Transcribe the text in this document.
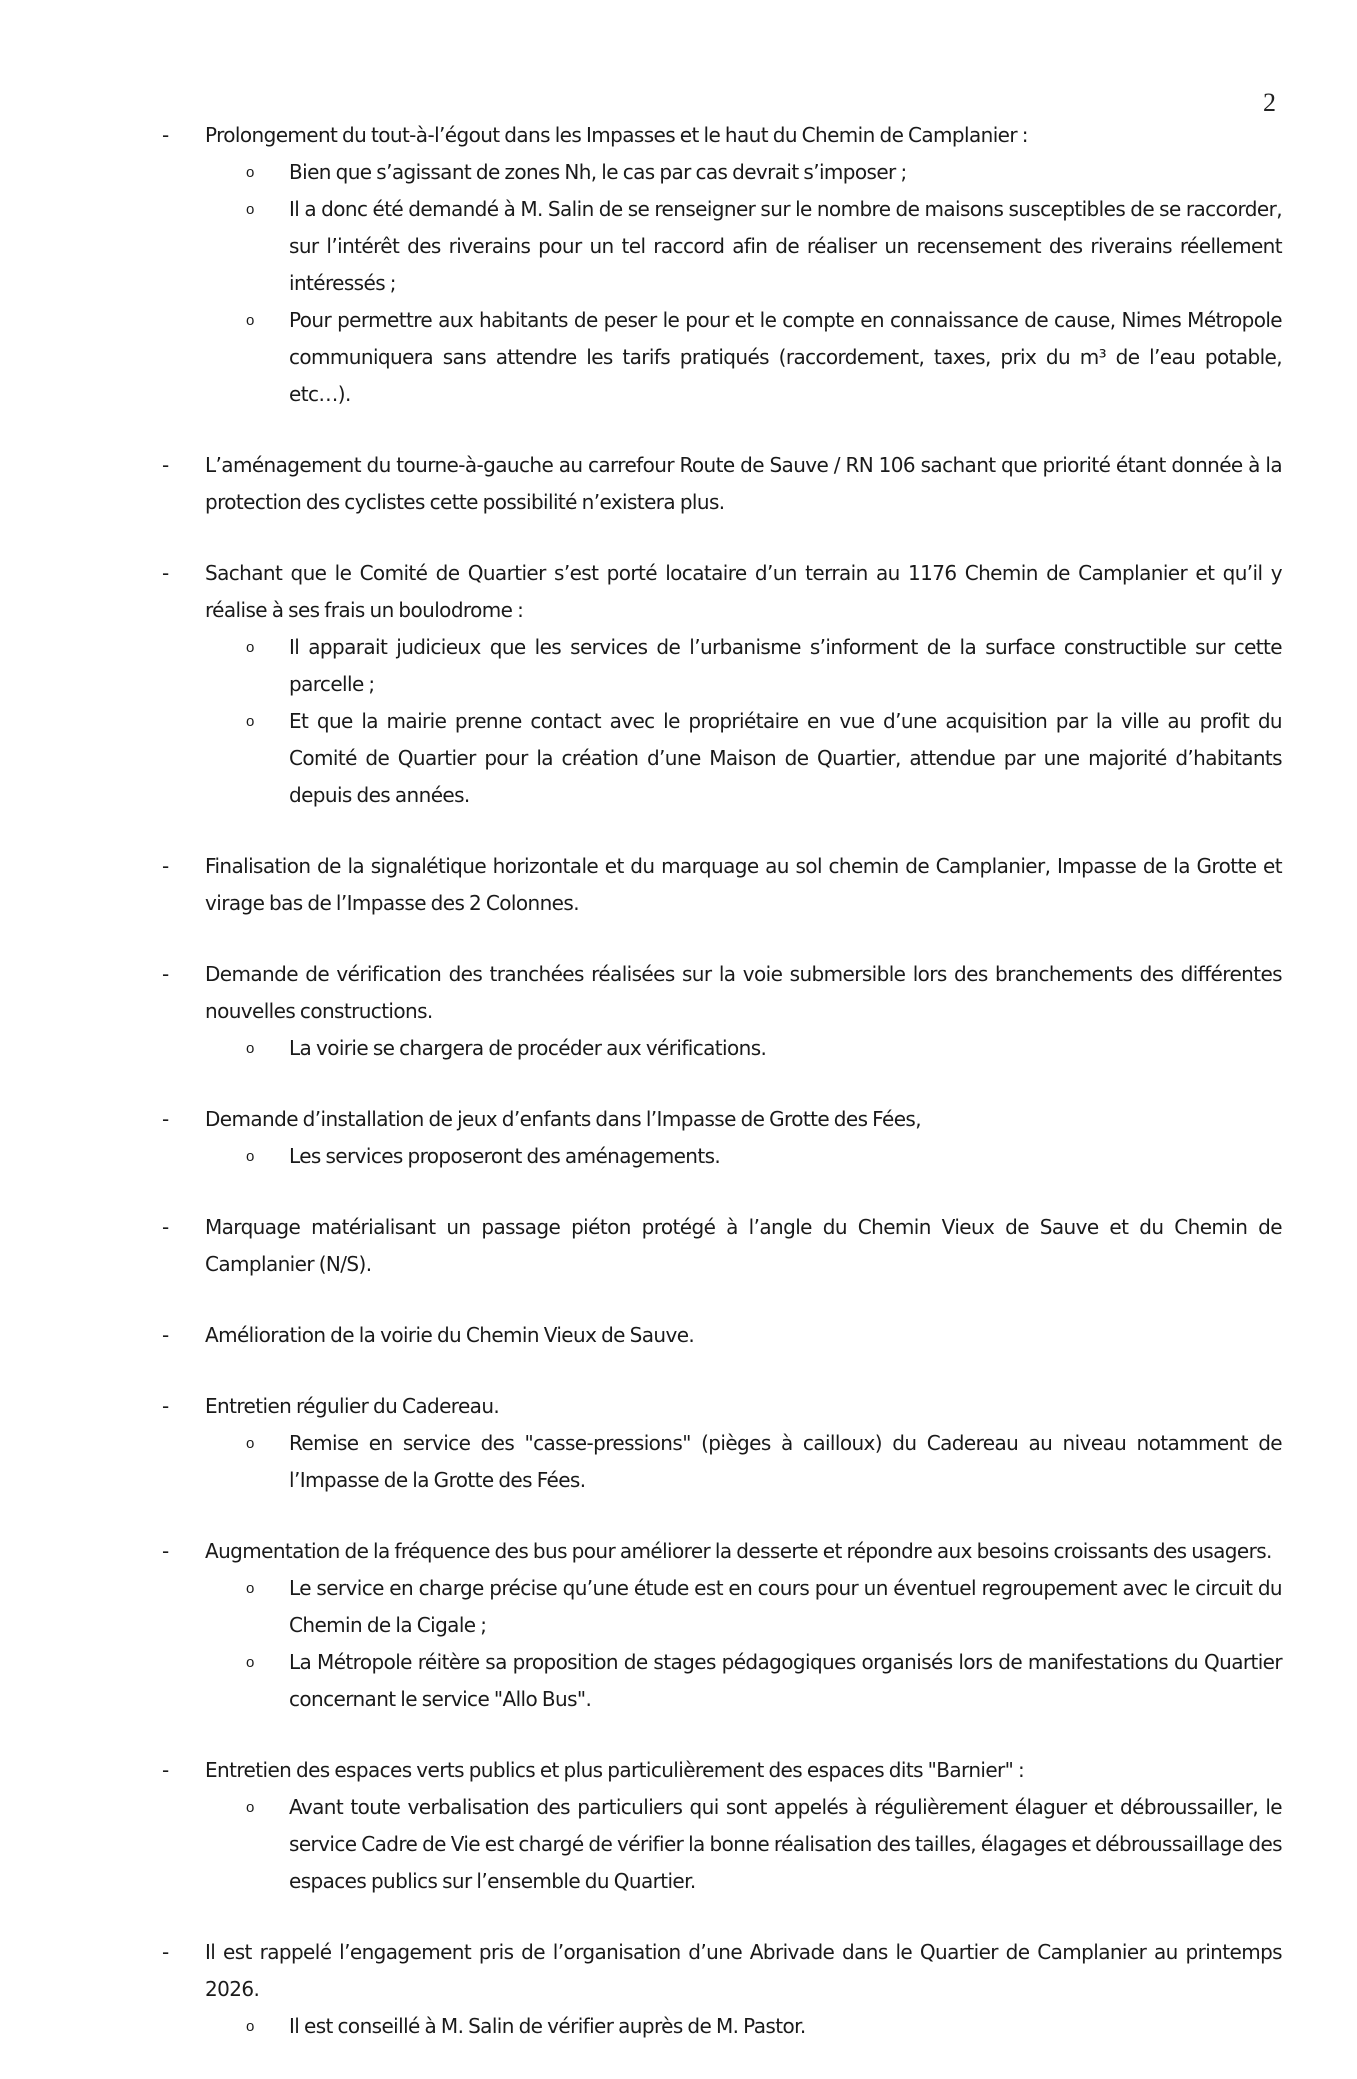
2
- Prolongement du tout-à-l’égout dans les Impasses et le haut du Chemin de Camplanier :
o Bien que s’agissant de zones Nh, le cas par cas devrait s’imposer ;
o Il a donc été demandé à M. Salin de se renseigner sur le nombre de maisons susceptibles de se raccorder, sur l’intérêt des riverains pour un tel raccord afin de réaliser un recensement des riverains réellement intéressés ;
o Pour permettre aux habitants de peser le pour et le compte en connaissance de cause, Nimes Métropole communiquera sans attendre les tarifs pratiqués (raccordement, taxes, prix du m³ de l’eau potable, etc…).
- L’aménagement du tourne-à-gauche au carrefour Route de Sauve / RN 106 sachant que priorité étant donnée à la protection des cyclistes cette possibilité n’existera plus.
- Sachant que le Comité de Quartier s’est porté locataire d’un terrain au 1176 Chemin de Camplanier et qu’il y réalise à ses frais un boulodrome :
o Il apparait judicieux que les services de l’urbanisme s’informent de la surface constructible sur cette parcelle ;
o Et que la mairie prenne contact avec le propriétaire en vue d’une acquisition par la ville au profit du Comité de Quartier pour la création d’une Maison de Quartier, attendue par une majorité d’habitants depuis des années.
- Finalisation de la signalétique horizontale et du marquage au sol chemin de Camplanier, Impasse de la Grotte et virage bas de l’Impasse des 2 Colonnes.
- Demande de vérification des tranchées réalisées sur la voie submersible lors des branchements des différentes nouvelles constructions.
o La voirie se chargera de procéder aux vérifications.
- Demande d’installation de jeux d’enfants dans l’Impasse de Grotte des Fées,
o Les services proposeront des aménagements.
- Marquage matérialisant un passage piéton protégé à l’angle du Chemin Vieux de Sauve et du Chemin de Camplanier (N/S).
- Amélioration de la voirie du Chemin Vieux de Sauve.
- Entretien régulier du Cadereau.
o Remise en service des "casse-pressions" (pièges à cailloux) du Cadereau au niveau notamment de l’Impasse de la Grotte des Fées.
- Augmentation de la fréquence des bus pour améliorer la desserte et répondre aux besoins croissants des usagers.
o Le service en charge précise qu’une étude est en cours pour un éventuel regroupement avec le circuit du Chemin de la Cigale ;
o La Métropole réitère sa proposition de stages pédagogiques organisés lors de manifestations du Quartier concernant le service "Allo Bus".
- Entretien des espaces verts publics et plus particulièrement des espaces dits "Barnier" :
o Avant toute verbalisation des particuliers qui sont appelés à régulièrement élaguer et débroussailler, le service Cadre de Vie est chargé de vérifier la bonne réalisation des tailles, élagages et débroussaillage des espaces publics sur l’ensemble du Quartier.
- Il est rappelé l’engagement pris de l’organisation d’une Abrivade dans le Quartier de Camplanier au printemps 2026.
o Il est conseillé à M. Salin de vérifier auprès de M. Pastor.
